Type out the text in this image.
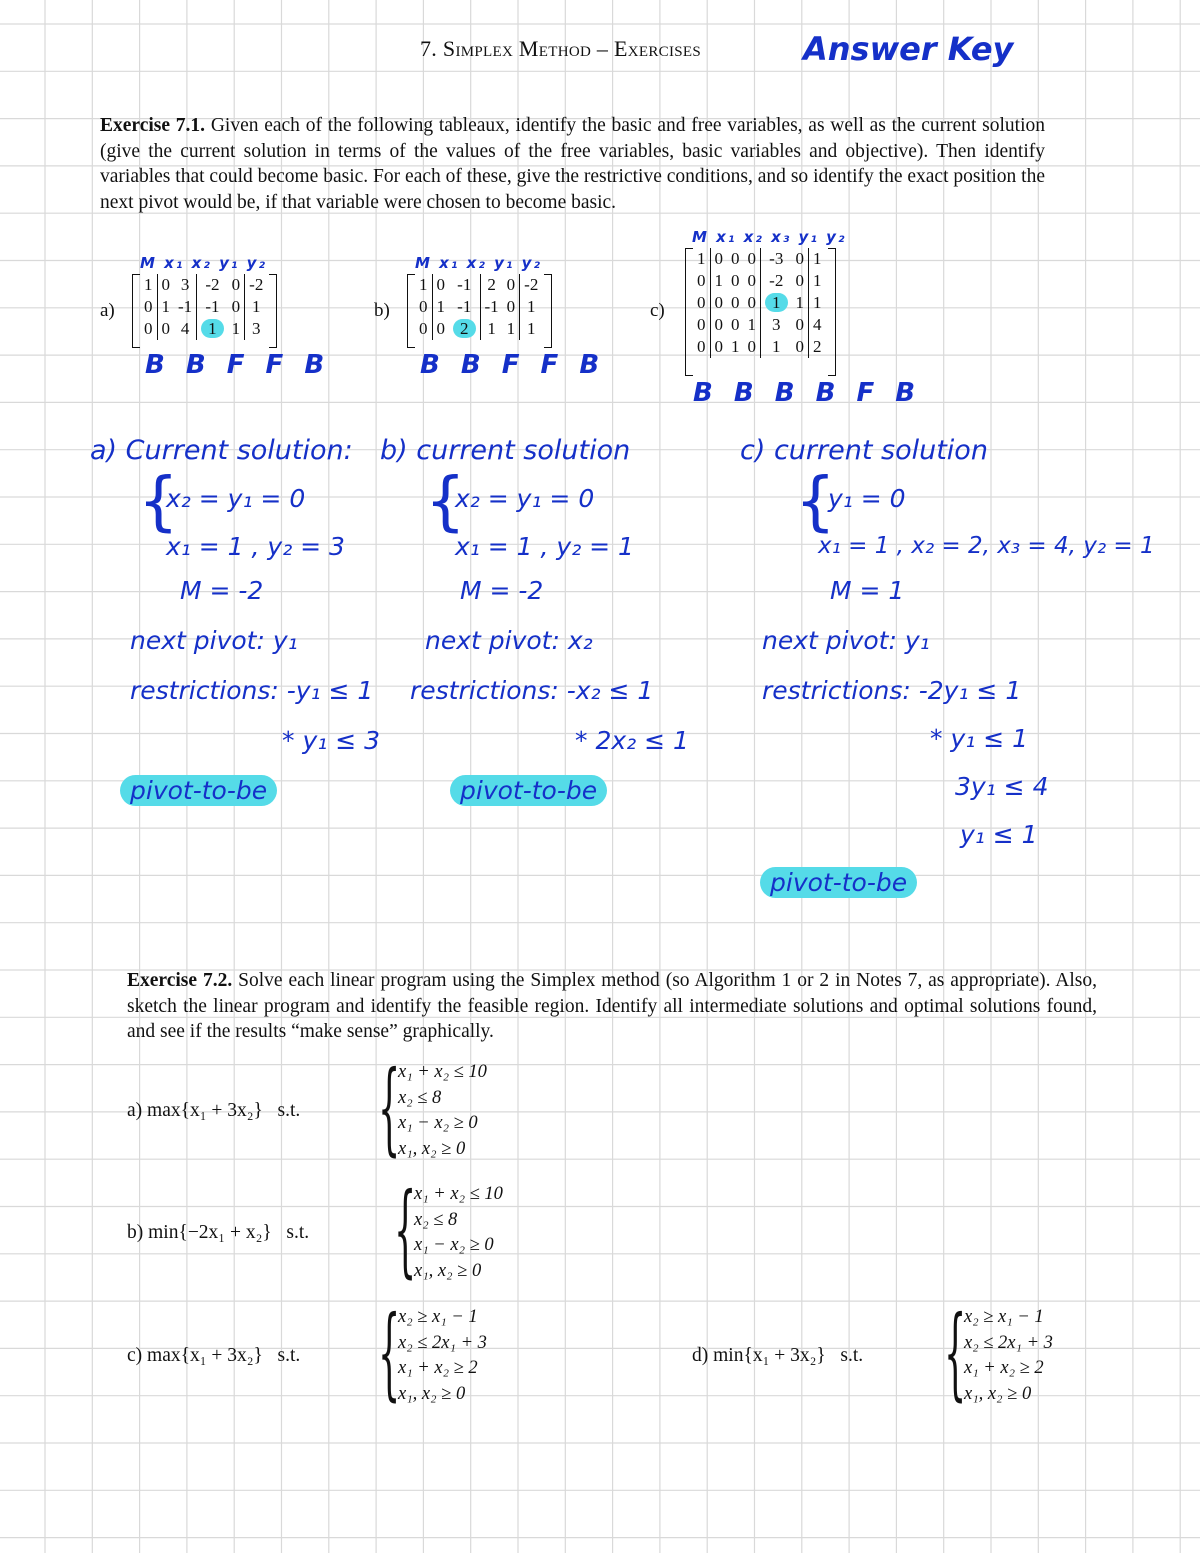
7. Simplex Method – Exercises	Answer Key
Exercise 7.1. Given each of the following tableaux, identify the basic and free variables, as well as the current solution (give the current solution in terms of the values of the free variables, basic variables and objective). Then identify variables that could become basic. For each of these, give the restrictive conditions, and so identify the exact position the next pivot would be, if that variable were chosen to become basic.
M x₁ x₂ y₁ y₂
a)
1	0	3	-2	0	-2
0	1	-1	-1	0	1
0	0	4	1	1	3
B B F F B
M x₁ x₂ y₁ y₂
b)
1	0	-1	2	0	-2
0	1	-1	-1	0	1
0	0	2	1	1	1
B B F F B
M x₁ x₂ x₃ y₁ y₂
c)
1	0	0	0	-3	0	1
0	1	0	0	-2	0	1
0	0	0	0	1	1	1
0	0	0	1	3	0	4
0	0	1	0	1	0	2
B B B B F B
a) Current solution:
{
x₂ = y₁ = 0
x₁ = 1 , y₂ = 3
M = -2
next pivot: y₁
restrictions: -y₁ ≤ 1
* y₁ ≤ 3
pivot-to-be
b) current solution
{
x₂ = y₁ = 0
x₁ = 1 , y₂ = 1
M = -2
next pivot: x₂
restrictions: -x₂ ≤ 1
* 2x₂ ≤ 1
pivot-to-be
c) current solution
{
y₁ = 0
x₁ = 1 , x₂ = 2, x₃ = 4, y₂ = 1
M = 1
next pivot: y₁
restrictions: -2y₁ ≤ 1
* y₁ ≤ 1
3y₁ ≤ 4
y₁ ≤ 1
pivot-to-be
Exercise 7.2. Solve each linear program using the Simplex method (so Algorithm 1 or 2 in Notes 7, as appropriate). Also, sketch the linear program and identify the feasible region. Identify all intermediate solutions and optimal solutions found, and see if the results “make sense” graphically.
a) max{x₁ + 3x₂} s.t. {
x₁ + x₂ ≤ 10
x₂ ≤ 8
x₁ − x₂ ≥ 0
x₁, x₂ ≥ 0
b) min{−2x₁ + x₂} s.t. {
x₁ + x₂ ≤ 10
x₂ ≤ 8
x₁ − x₂ ≥ 0
x₁, x₂ ≥ 0
c) max{x₁ + 3x₂} s.t. {
x₂ ≥ x₁ − 1
x₂ ≤ 2x₁ + 3
x₁ + x₂ ≥ 2
x₁, x₂ ≥ 0
d) min{x₁ + 3x₂} s.t. {
x₂ ≥ x₁ − 1
x₂ ≤ 2x₁ + 3
x₁ + x₂ ≥ 2
x₁, x₂ ≥ 0
